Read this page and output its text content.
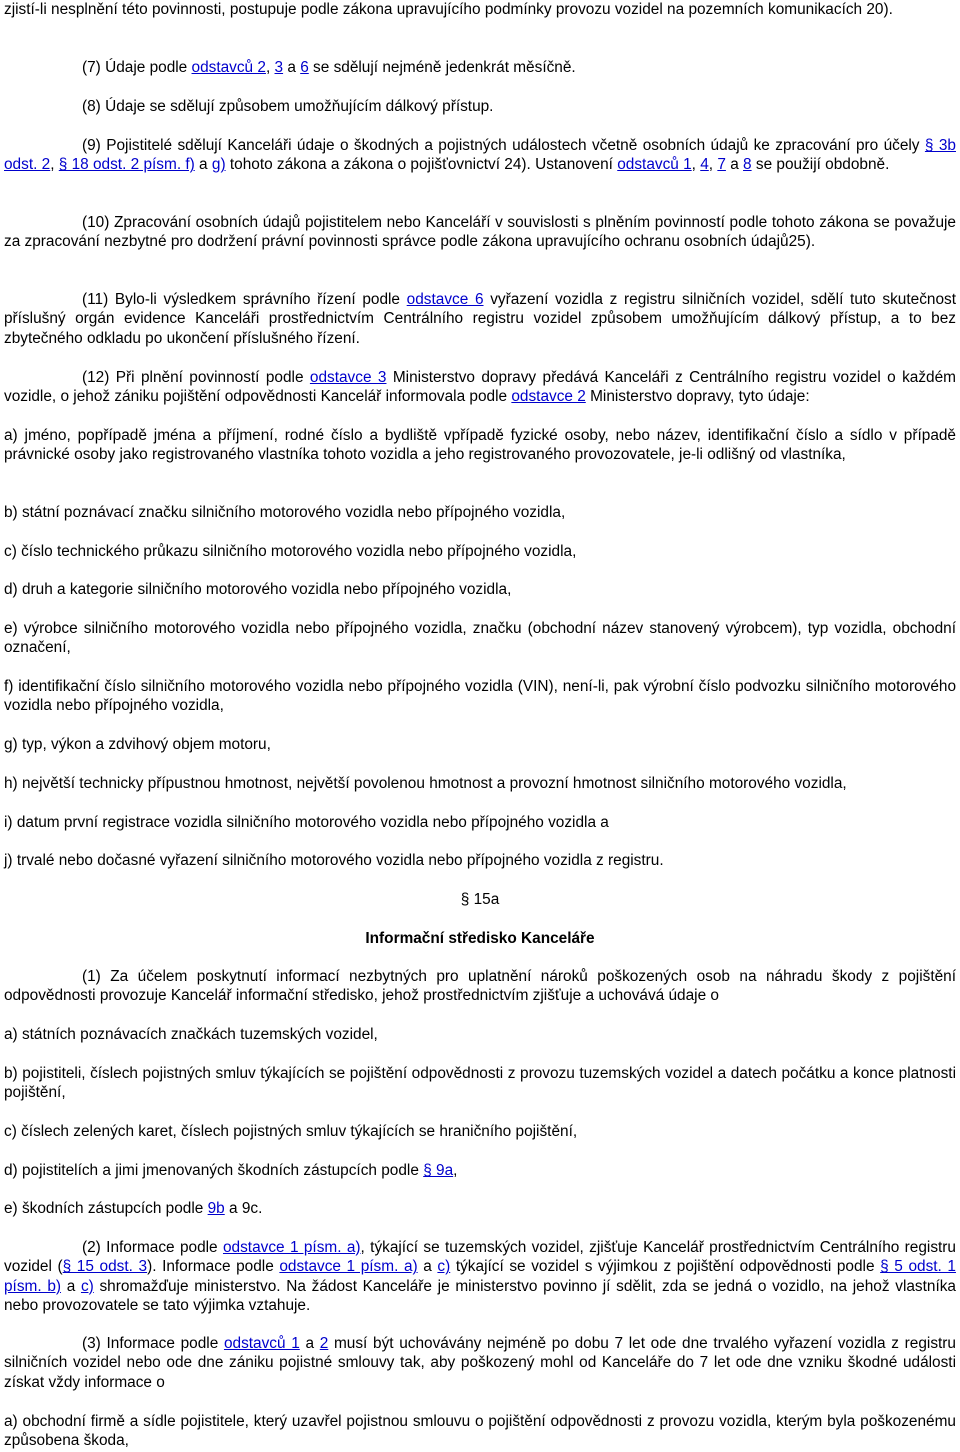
zjistí-li nesplnění této povinnosti, postupuje podle zákona upravujícího podmínky provozu vozidel na pozemních komunikacích 20).

(7) Údaje podle odstavců 2, 3 a 6 se sdělují nejméně jedenkrát měsíčně.

(8) Údaje se sdělují způsobem umožňujícím dálkový přístup.

(9) Pojistitelé sdělují Kanceláři údaje o škodných a pojistných událostech včetně osobních údajů ke zpracování pro účely § 3b odst. 2, § 18 odst. 2 písm. f) a g) tohoto zákona a zákona o pojišťovnictví 24). Ustanovení odstavců 1, 4, 7 a 8 se použijí obdobně.

(10) Zpracování osobních údajů pojistitelem nebo Kanceláří v souvislosti s plněním povinností podle tohoto zákona se považuje za zpracování nezbytné pro dodržení právní povinnosti správce podle zákona upravujícího ochranu osobních údajů25).

(11) Bylo-li výsledkem správního řízení podle odstavce 6 vyřazení vozidla z registru silničních vozidel, sdělí tuto skutečnost příslušný orgán evidence Kanceláři prostřednictvím Centrálního registru vozidel způsobem umožňujícím dálkový přístup, a to bez zbytečného odkladu po ukončení příslušného řízení.

(12) Při plnění povinností podle odstavce 3 Ministerstvo dopravy předává Kanceláři z Centrálního registru vozidel o každém vozidle, o jehož zániku pojištění odpovědnosti Kancelář informovala podle odstavce 2 Ministerstvo dopravy, tyto údaje:

a) jméno, popřípadě jména a příjmení, rodné číslo a bydliště vpřípadě fyzické osoby, nebo název, identifikační číslo a sídlo v případě právnické osoby jako registrovaného vlastníka tohoto vozidla a jeho registrovaného provozovatele, je-li odlišný od vlastníka,

b) státní poznávací značku silničního motorového vozidla nebo přípojného vozidla,

c) číslo technického průkazu silničního motorového vozidla nebo přípojného vozidla,

d) druh a kategorie silničního motorového vozidla nebo přípojného vozidla,

e) výrobce silničního motorového vozidla nebo přípojného vozidla, značku (obchodní název stanovený výrobcem), typ vozidla, obchodní označení,

f) identifikační číslo silničního motorového vozidla nebo přípojného vozidla (VIN), není-li, pak výrobní číslo podvozku silničního motorového vozidla nebo přípojného vozidla,

g) typ, výkon a zdvihový objem motoru,

h) největší technicky přípustnou hmotnost, největší povolenou hmotnost a provozní hmotnost silničního motorového vozidla,

i) datum první registrace vozidla silničního motorového vozidla nebo přípojného vozidla a

j) trvalé nebo dočasné vyřazení silničního motorového vozidla nebo přípojného vozidla z registru.

§ 15a

Informační středisko Kanceláře

(1) Za účelem poskytnutí informací nezbytných pro uplatnění nároků poškozených osob na náhradu škody z pojištění odpovědnosti provozuje Kancelář informační středisko, jehož prostřednictvím zjišťuje a uchovává údaje o

a) státních poznávacích značkách tuzemských vozidel,

b) pojistiteli, číslech pojistných smluv týkajících se pojištění odpovědnosti z provozu tuzemských vozidel a datech počátku a konce platnosti pojištění,

c) číslech zelených karet, číslech pojistných smluv týkajících se hraničního pojištění,

d) pojistitelích a jimi jmenovaných škodních zástupcích podle § 9a,

e) škodních zástupcích podle 9b a 9c.

(2) Informace podle odstavce 1 písm. a), týkající se tuzemských vozidel, zjišťuje Kancelář prostřednictvím Centrálního registru vozidel (§ 15 odst. 3). Informace podle odstavce 1 písm. a) a c) týkající se vozidel s výjimkou z pojištění odpovědnosti podle § 5 odst. 1 písm. b) a c) shromažďuje ministerstvo. Na žádost Kanceláře je ministerstvo povinno jí sdělit, zda se jedná o vozidlo, na jehož vlastníka nebo provozovatele se tato výjimka vztahuje.

(3) Informace podle odstavců 1 a 2 musí být uchovávány nejméně po dobu 7 let ode dne trvalého vyřazení vozidla z registru silničních vozidel nebo ode dne zániku pojistné smlouvy tak, aby poškozený mohl od Kanceláře do 7 let ode dne vzniku škodné události získat vždy informace o

a) obchodní firmě a sídle pojistitele, který uzavřel pojistnou smlouvu o pojištění odpovědnosti z provozu vozidla, kterým byla poškozenému způsobena škoda,
